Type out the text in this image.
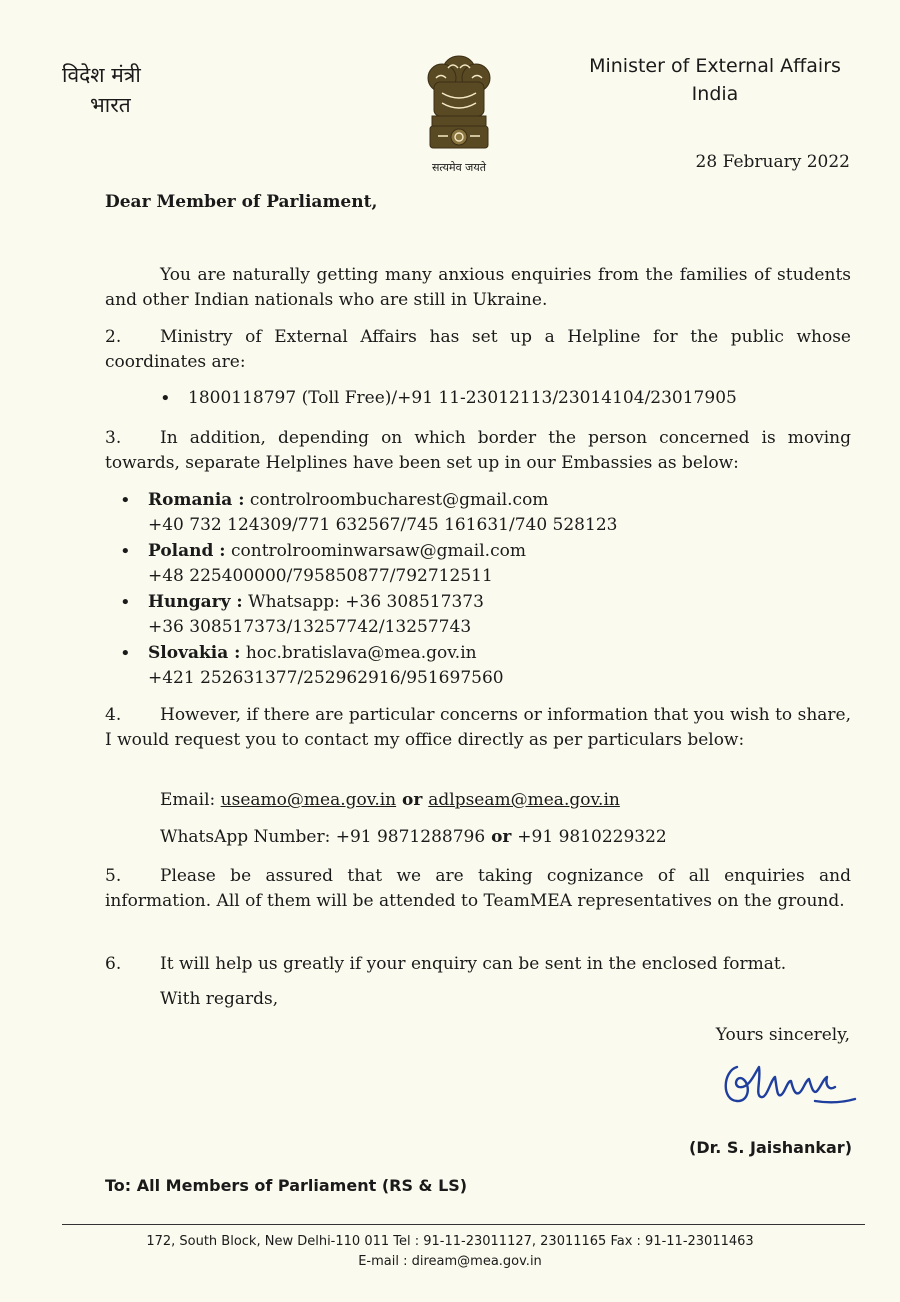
विदेश मंत्री
भारत
सत्यमेव जयते
Minister of External Affairs
India
28 February 2022
Dear Member of Parliament,
You are naturally getting many anxious enquiries from the families of students and other Indian nationals who are still in Ukraine.
2. Ministry of External Affairs has set up a Helpline for the public whose coordinates are:
• 1800118797 (Toll Free)/+91 11-23012113/23014104/23017905
3. In addition, depending on which border the person concerned is moving towards, separate Helplines have been set up in our Embassies as below:
• Romania : controlroombucharest@gmail.com
+40 732 124309/771 632567/745 161631/740 528123
• Poland : controlroominwarsaw@gmail.com
+48 225400000/795850877/792712511
• Hungary : Whatsapp: +36 308517373
+36 308517373/13257742/13257743
• Slovakia : hoc.bratislava@mea.gov.in
+421 252631377/252962916/951697560
4. However, if there are particular concerns or information that you wish to share, I would request you to contact my office directly as per particulars below:
Email: useamo@mea.gov.in or adlpseam@mea.gov.in
WhatsApp Number: +91 9871288796 or +91 9810229322
5. Please be assured that we are taking cognizance of all enquiries and information. All of them will be attended to TeamMEA representatives on the ground.
6. It will help us greatly if your enquiry can be sent in the enclosed format.
With regards,
Yours sincerely,
(Dr. S. Jaishankar)
To: All Members of Parliament (RS & LS)
172, South Block, New Delhi-110 011 Tel : 91-11-23011127, 23011165 Fax : 91-11-23011463
E-mail : diream@mea.gov.in
